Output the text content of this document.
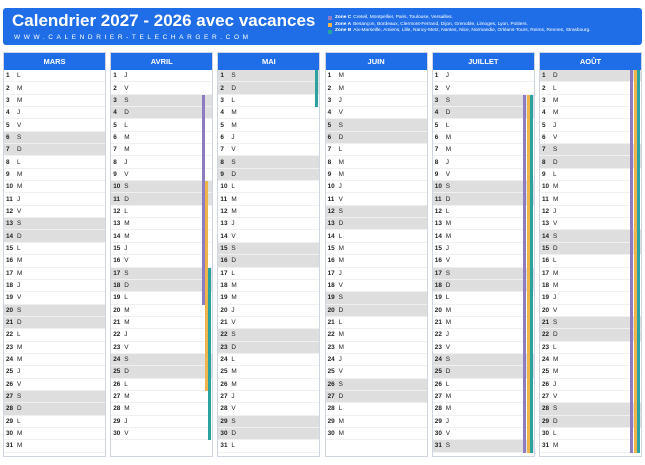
Calendrier 2027 - 2026 avec vacances
WWW.CALENDRIER-TELECHARGER.COM
Zone C Creteil, Montpellier, Paris, Toulouse, Versailles.
Zone A Besançon, Bordeaux, Clermont-Ferrand, Dijon, Grenoble, Limoges, Lyon, Poitiers.
Zone B Aix-Marseille, Amiens, Lille, Nancy-Metz, Nantes, Nice, Normandie, Orléans-Tours, Reims, Rennes, Strasbourg.
MARS
1	L
2	M
3	M
4	J
5	V
6	S
7	D
8	L
9	M
10 M
11 J
12 V
13 S
14 D
15 L
16 M
17 M
18 J
19 V
20 S
21 D
22 L
23 M
24 M
25 J
26 V
27 S
28 D
29 L
30 M
31 M
AVRIL
1	J
2	V
3	S
4	D
5	L
6	M
7	M
8	J
9	V
10 S
11 D
12 L
13 M
14 M
15 J
16 V
17 S
18 D
19 L
20 M
21 M
22 J
23 V
24 S
25 D
26 L
27 M
28 M
29 J
30 V
MAI
1	S
2	D
3	L
4	M
5	M
6	J
7	V
8	S
9	D
10 L
11 M
12 M
13 J
14 V
15 S
16 D
17 L
18 M
19 M
20 J
21 V
22 S
23 D
24 L
25 M
26 M
27 J
28 V
29 S
30 D
31 L
JUIN
1	M
2	M
3	J
4	V
5	S
6	D
7	L
8	M
9	M
10 J
11 V
12 S
13 D
14 L
15 M
16 M
17 J
18 V
19 S
20 D
21 L
22 M
23 M
24 J
25 V
26 S
27 D
28 L
29 M
30 M
JUILLET
1	J
2	V
3	S
4	D
5	L
6	M
7	M
8	J
9	V
10 S
11 D
12 L
13 M
14 M
15 J
16 V
17 S
18 D
19 L
20 M
21 M
22 J
23 V
24 S
25 D
26 L
27 M
28 M
29 J
30 V
31 S
AOÛT
1	D
2	L
3	M
4	M
5	J
6	V
7	S
8	D
9	L
10 M
11 M
12 J
13 V
14 S
15 D
16 L
17 M
18 M
19 J
20 V
21 S
22 D
23 L
24 M
25 M
26 J
27 V
28 S
29 D
30 L
31 M
